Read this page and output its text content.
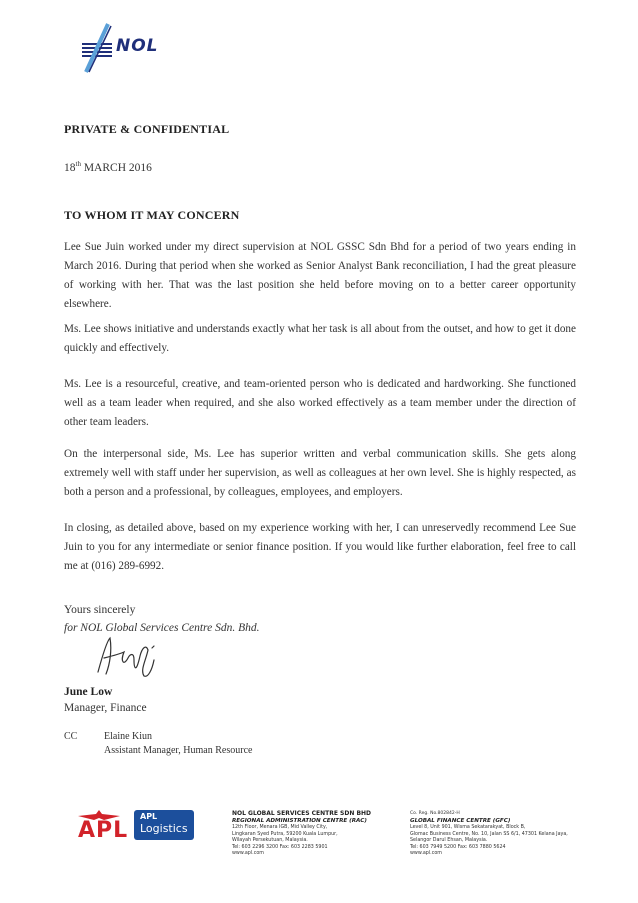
NOL
PRIVATE & CONFIDENTIAL
18th MARCH 2016
TO WHOM IT MAY CONCERN

Lee Sue Juin worked under my direct supervision at NOL GSSC Sdn Bhd for a period of two years ending in March 2016. During that period when she worked as Senior Analyst Bank reconciliation, I had the great pleasure of working with her. That was the last position she held before moving on to a better career opportunity elsewhere.

Ms. Lee shows initiative and understands exactly what her task is all about from the outset, and how to get it done quickly and effectively.

Ms. Lee is a resourceful, creative, and team-oriented person who is dedicated and hardworking. She functioned well as a team leader when required, and she also worked effectively as a team member under the direction of other team leaders.

On the interpersonal side, Ms. Lee has superior written and verbal communication skills. She gets along extremely well with staff under her supervision, as well as colleagues at her own level. She is highly respected, as both a person and a professional, by colleagues, employees, and employers.

In closing, as detailed above, based on my experience working with her, I can unreservedly recommend Lee Sue Juin to you for any intermediate or senior finance position. If you would like further elaboration, feel free to call me at (016) 289-6992.

Yours sincerely
for NOL Global Services Centre Sdn. Bhd.
June Low
Manager, Finance
CC	Elaine Kiun
Assistant Manager, Human Resource
APL
APL
Logistics
NOL GLOBAL SERVICES CENTRE SDN BHD
REGIONAL ADMINISTRATION CENTRE (RAC)
12th Floor, Menara IGB, Mid Valley City,
Lingkaran Syed Putra, 59200 Kuala Lumpur,
Wilayah Persekutuan, Malaysia.
Tel: 603 2296 3200 Fax: 603 2283 5901
www.apl.com
Co. Reg. No.802842-H
GLOBAL FINANCE CENTRE (GFC)
Level 8, Unit 901, Wisma Sekatarakyat, Block B,
Glomac Business Centre, No. 10, Jalan SS 6/1, 47301 Kelana Jaya,
Selangor Darul Ehsan, Malaysia.
Tel: 603 7949 5200 Fax: 603 7880 5624
www.apl.com
